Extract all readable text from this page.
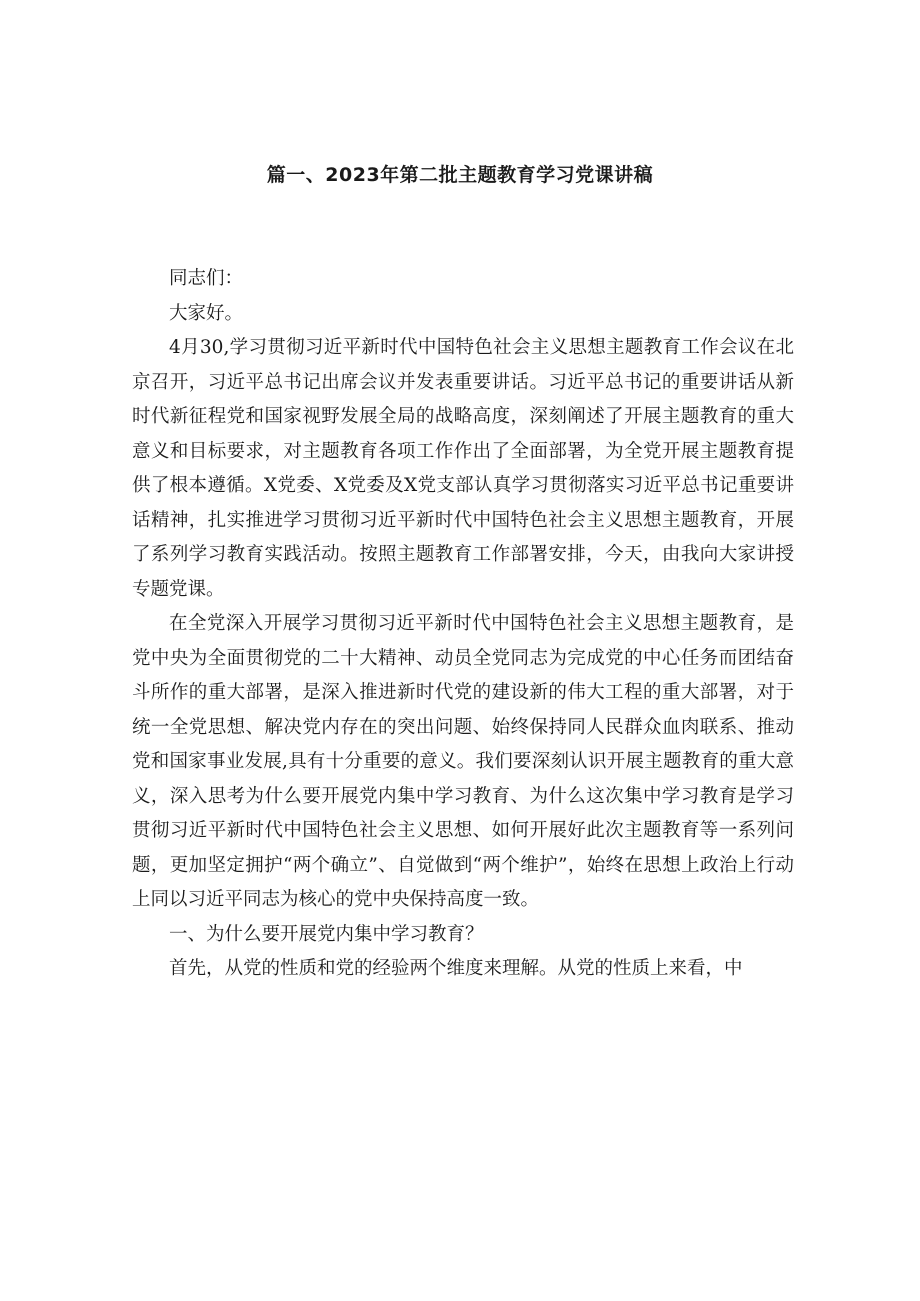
篇一、2023年第二批主题教育学习党课讲稿

同志们：

大家好。

4月30,学习贯彻习近平新时代中国特色社会主义思想主题教育工作会议在北京召开，习近平总书记出席会议并发表重要讲话。习近平总书记的重要讲话从新时代新征程党和国家视野发展全局的战略高度，深刻阐述了开展主题教育的重大意义和目标要求，对主题教育各项工作作出了全面部署，为全党开展主题教育提供了根本遵循。X党委、X党委及X党支部认真学习贯彻落实习近平总书记重要讲话精神，扎实推进学习贯彻习近平新时代中国特色社会主义思想主题教育，开展了系列学习教育实践活动。按照主题教育工作部署安排，今天，由我向大家讲授专题党课。

在全党深入开展学习贯彻习近平新时代中国特色社会主义思想主题教育，是党中央为全面贯彻党的二十大精神、动员全党同志为完成党的中心任务而团结奋斗所作的重大部署，是深入推进新时代党的建设新的伟大工程的重大部署，对于统一全党思想、解决党内存在的突出问题、始终保持同人民群众血肉联系、推动党和国家事业发展,具有十分重要的意义。我们要深刻认识开展主题教育的重大意义，深入思考为什么要开展党内集中学习教育、为什么这次集中学习教育是学习贯彻习近平新时代中国特色社会主义思想、如何开展好此次主题教育等一系列问题，更加坚定拥护“两个确立”、自觉做到“两个维护”，始终在思想上政治上行动上同以习近平同志为核心的党中央保持高度一致。

一、为什么要开展党内集中学习教育？

首先，从党的性质和党的经验两个维度来理解。从党的性质上来看，中
